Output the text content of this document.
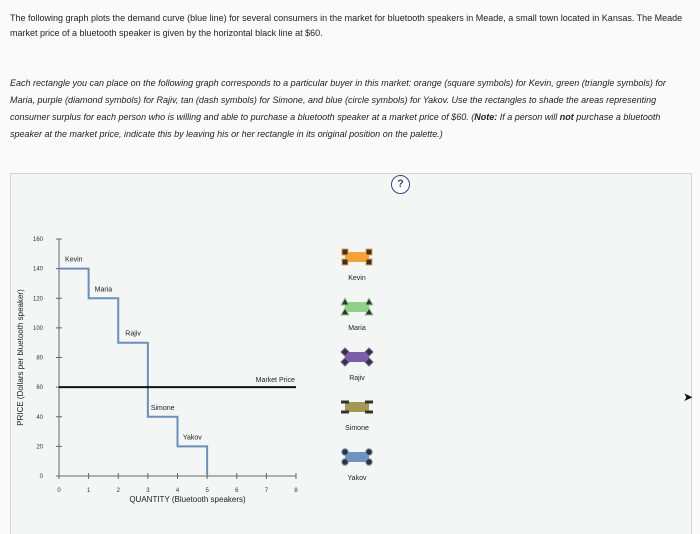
The following graph plots the demand curve (blue line) for several consumers in the market for bluetooth speakers in Meade, a small town located in Kansas. The Meade market price of a bluetooth speaker is given by the horizontal black line at $60.
Each rectangle you can place on the following graph corresponds to a particular buyer in this market: orange (square symbols) for Kevin, green (triangle symbols) for Maria, purple (diamond symbols) for Rajiv, tan (dash symbols) for Simone, and blue (circle symbols) for Yakov. Use the rectangles to shade the areas representing consumer surplus for each person who is willing and able to purchase a bluetooth speaker at a market price of $60. (Note: If a person will not purchase a bluetooth speaker at the market price, indicate this by leaving his or her rectangle in its original position on the palette.)
?
0
20
40
60
80
100
120
140
160
0	1	2	3	4	5	6	7	8
PRICE (Dollars per bluetooth speaker)
QUANTITY (Bluetooth speakers)
Kevin
Maria
Rajiv
Simone
Yakov
Market Price
Kevin
Maria
Rajiv
Simone
Yakov
➤
